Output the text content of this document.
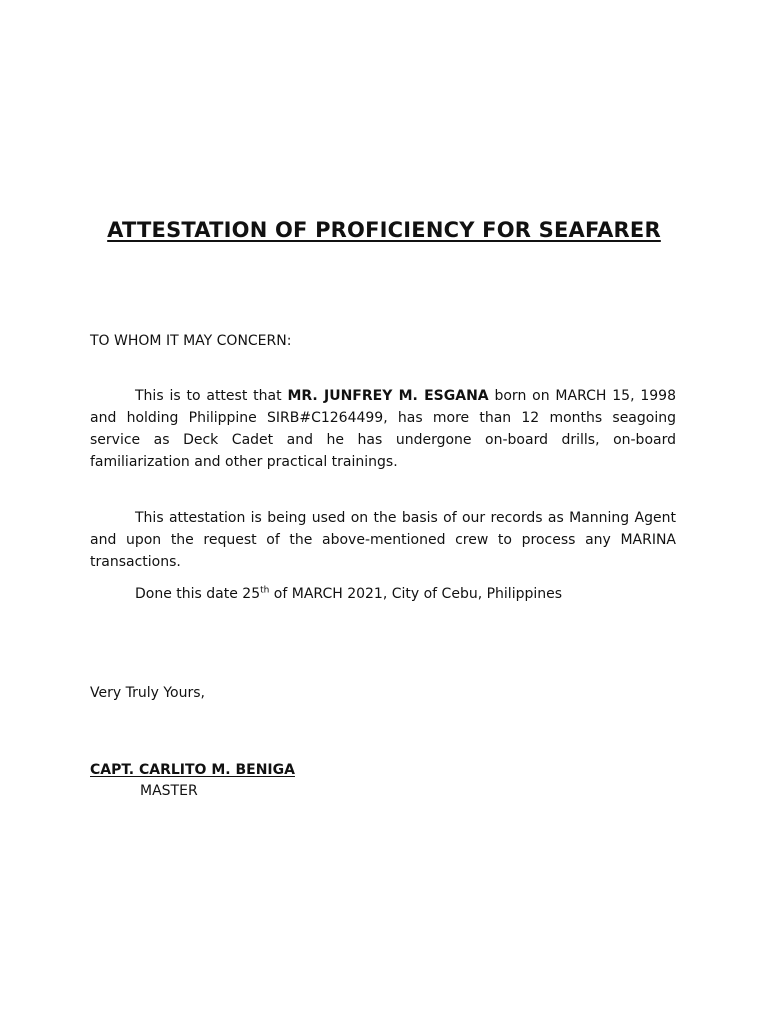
ATTESTATION OF PROFICIENCY FOR SEAFARER

TO WHOM IT MAY CONCERN:

This is to attest that MR. JUNFREY M. ESGANA born on MARCH 15, 1998 and holding Philippine SIRB#C1264499, has more than 12 months seagoing service as Deck Cadet and he has undergone on-board drills, on-board familiarization and other practical trainings.

This attestation is being used on the basis of our records as Manning Agent and upon the request of the above-mentioned crew to process any MARINA transactions.

Done this date 25th of MARCH 2021, City of Cebu, Philippines

Very Truly Yours,

CAPT. CARLITO M. BENIGA

MASTER
